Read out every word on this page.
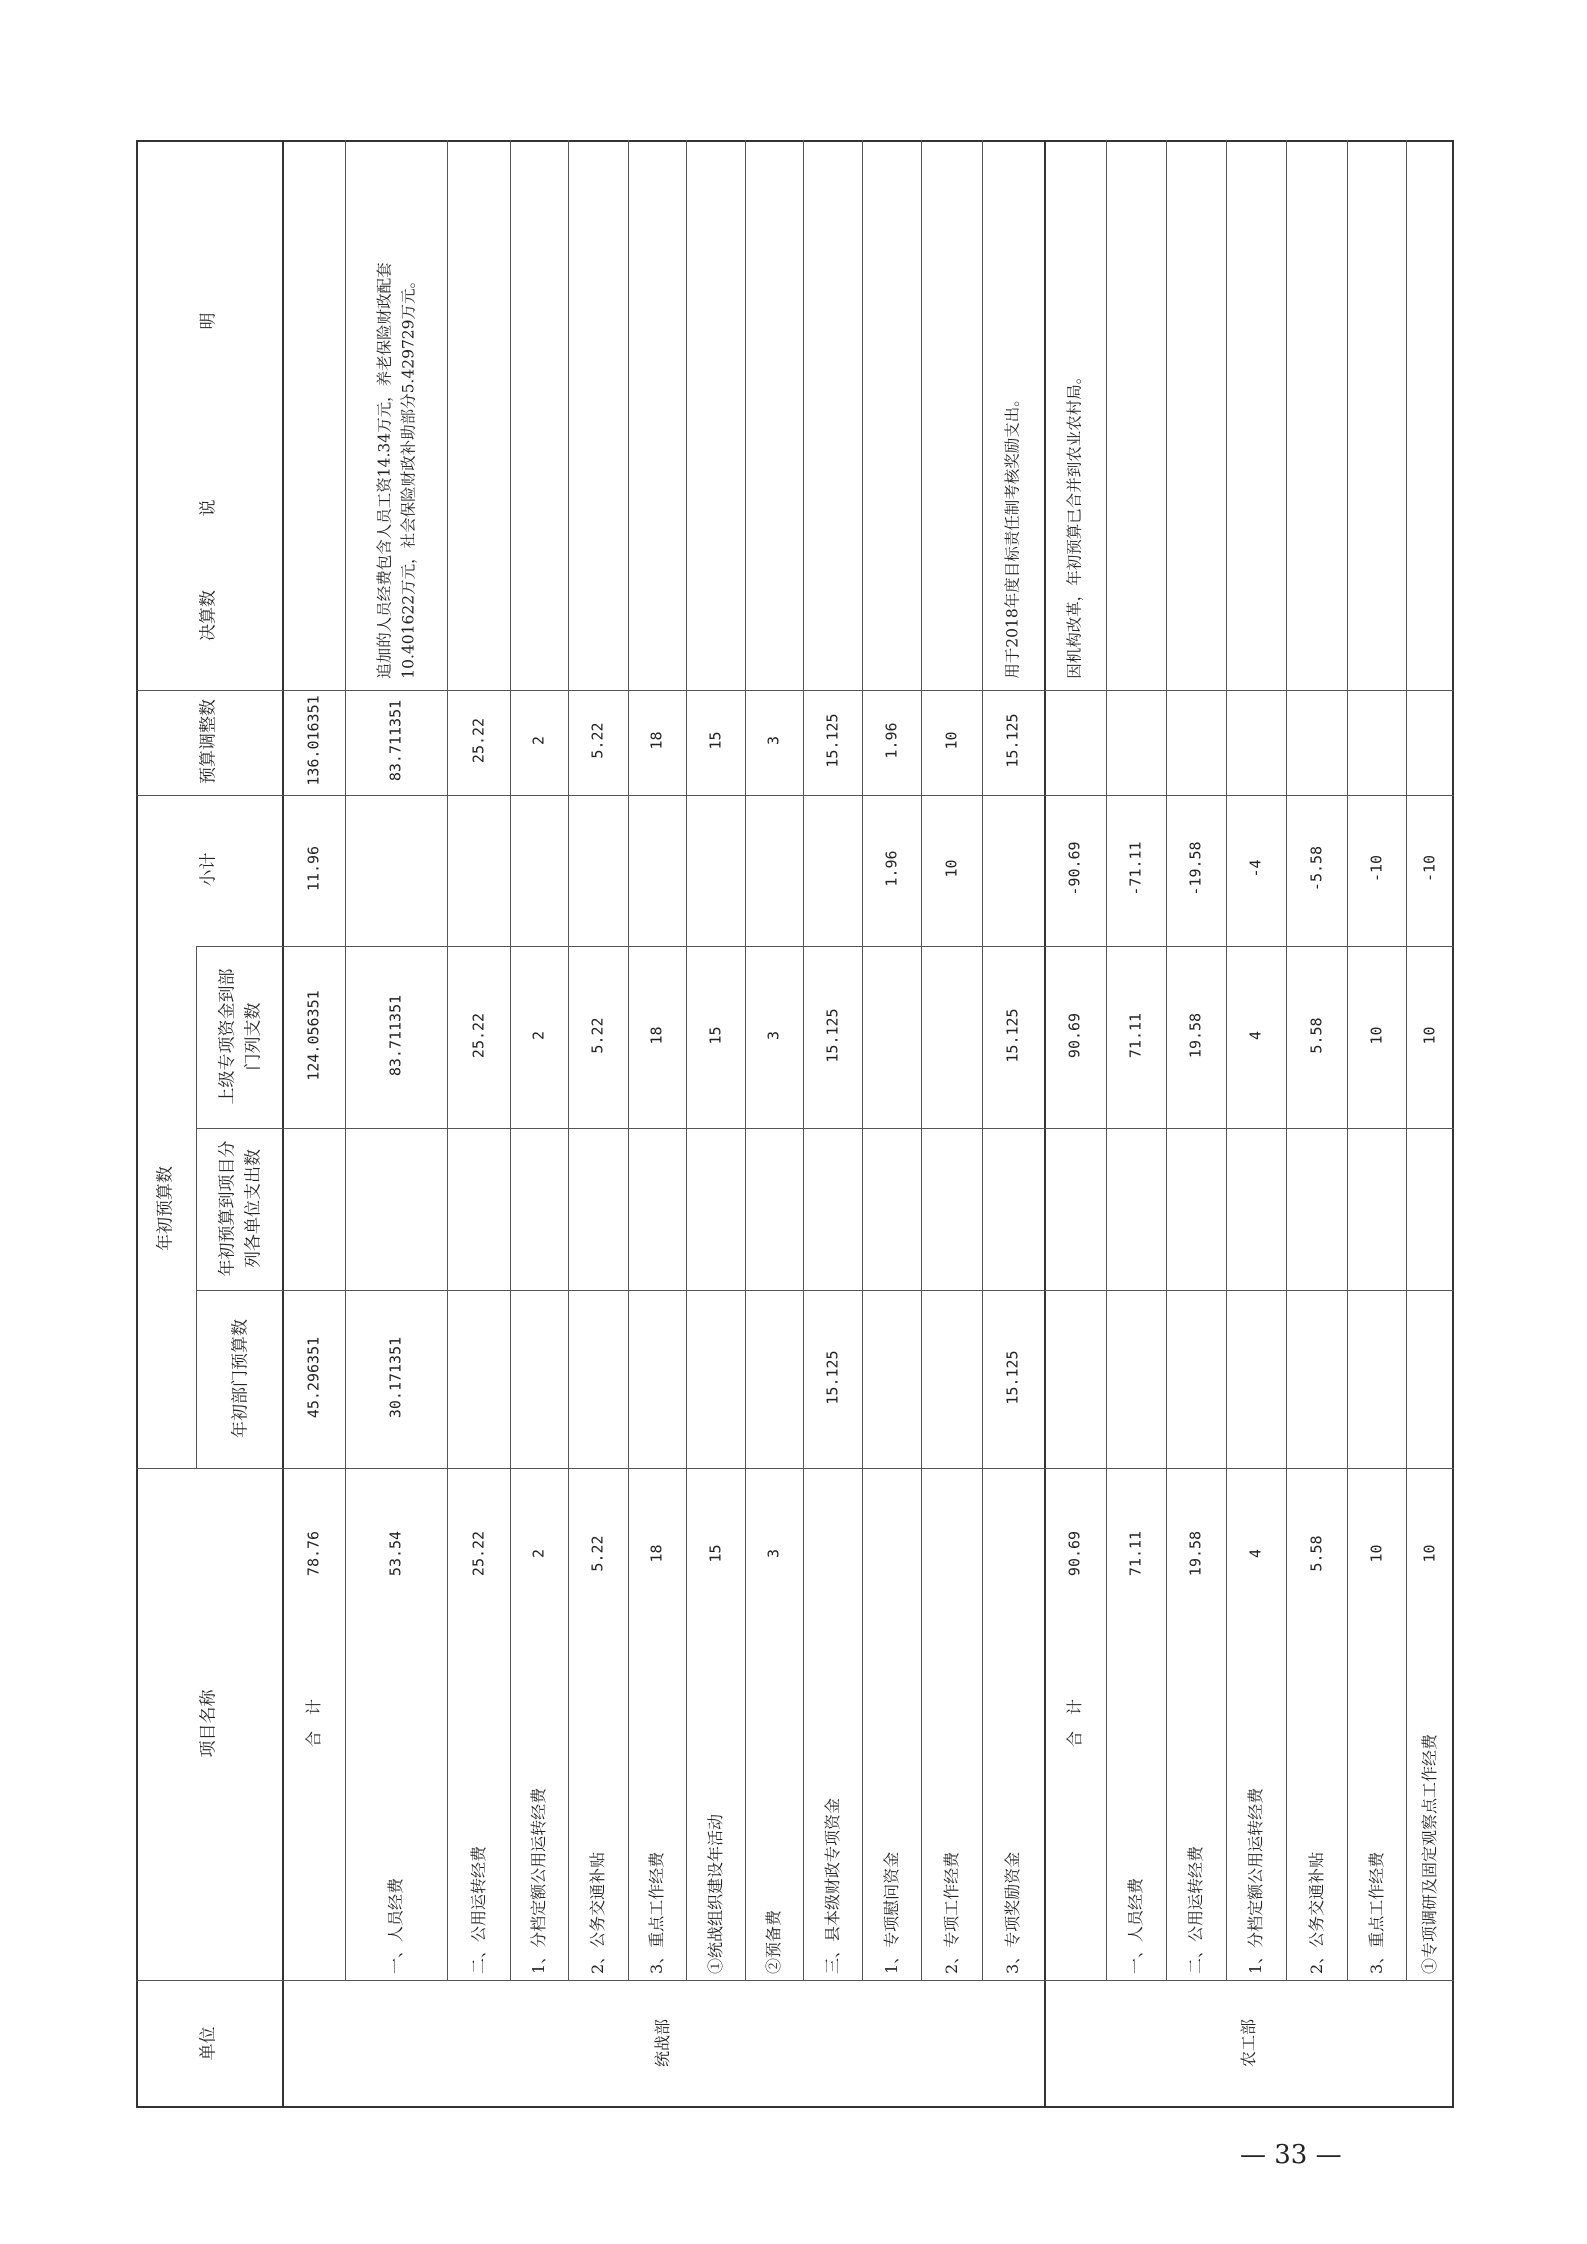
单位
项目名称
年初预算数
年初部门预算数
年初预算到项目分 列各单位支出数
上级专项资金到部 门列支数
小计
预算调整数
决算数
说　　　　　　　　　　明
合　计
78.76
45.296351
124.056351
11.96
136.016351
一、人员经费
53.54
30.171351
83.711351
83.711351
追加的人员经费包含人员工资14.34万元，养老保险财政配套 10.401622万元，社会保险财政补助部分5.429729万元。
二、公用运转经费
25.22
25.22
25.22
1、分档定额公用运转经费
2
2
2
2、公务交通补贴
5.22
5.22
5.22
3、重点工作经费
18
18
18
①统战组织建设年活动
15
15
15
②预备费
3
3
3
三、县本级财政专项资金
15.125
15.125
15.125
1、专项慰问资金
1.96
1.96
2、专项工作经费
10
10
3、专项奖励资金
15.125
15.125
15.125
用于2018年度目标责任制考核奖励支出。
合　计
90.69
90.69
-90.69
因机构改革，年初预算已合并到农业农村局。
一、人员经费
71.11
71.11
-71.11
二、公用运转经费
19.58
19.58
-19.58
1、分档定额公用运转经费
4
4
-4
2、公务交通补贴
5.58
5.58
-5.58
3、重点工作经费
10
10
-10
①专项调研及固定观察点工作经费
10
10
-10
统战部	农工部
— 33 —
